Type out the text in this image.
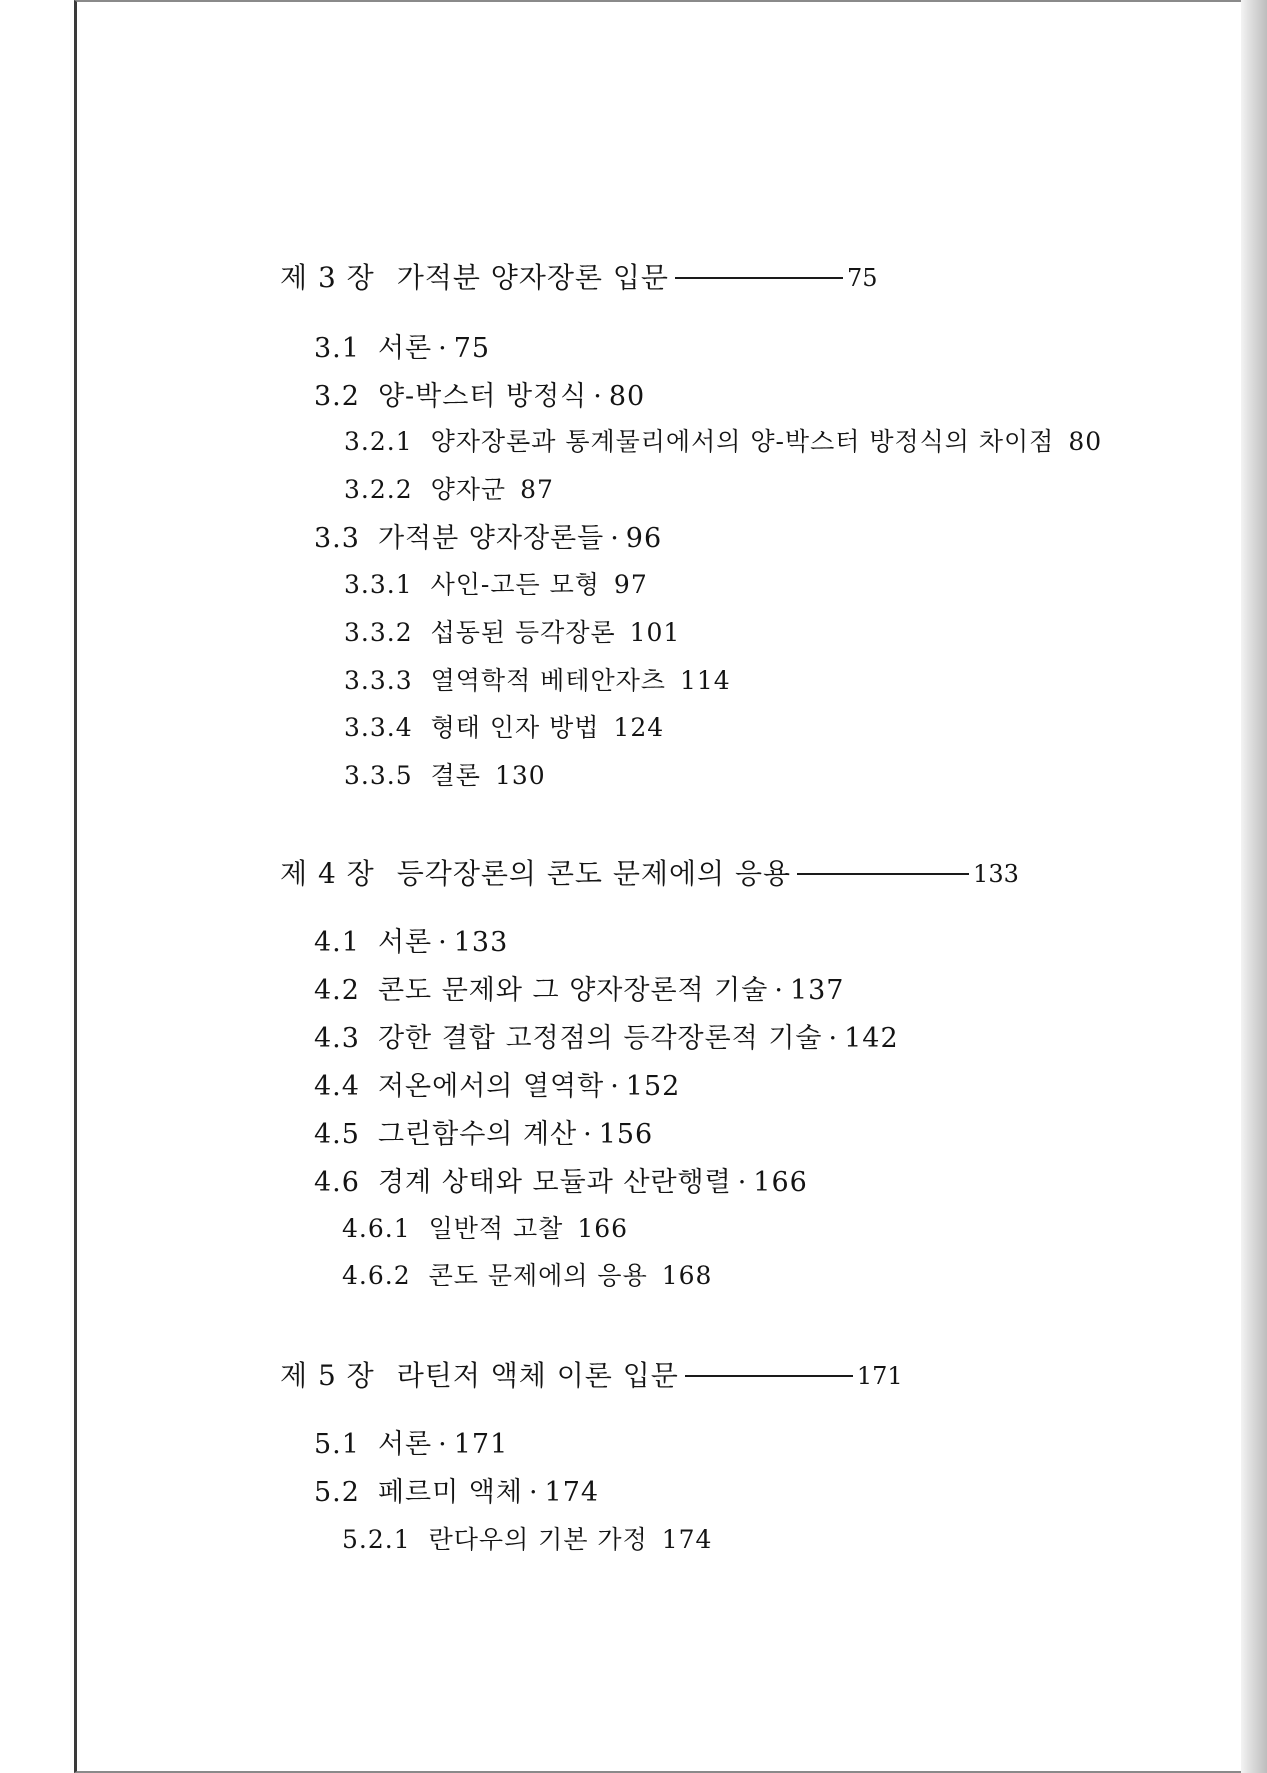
제 3 장 가적분 양자장론 입문	75
3.1 서론 · 75
3.2 양-박스터 방정식 · 80
3.2.1 양자장론과 통계물리에서의 양-박스터 방정식의 차이점 80
3.2.2 양자군 87
3.3 가적분 양자장론들 · 96
3.3.1 사인-고든 모형 97
3.3.2 섭동된 등각장론 101
3.3.3 열역학적 베테안자츠 114
3.3.4 형태 인자 방법 124
3.3.5 결론 130
제 4 장 등각장론의 콘도 문제에의 응용	133
4.1 서론 · 133
4.2 콘도 문제와 그 양자장론적 기술 · 137
4.3 강한 결합 고정점의 등각장론적 기술 · 142
4.4 저온에서의 열역학 · 152
4.5 그린함수의 계산 · 156
4.6 경계 상태와 모듈과 산란행렬 · 166
4.6.1 일반적 고찰 166
4.6.2 콘도 문제에의 응용 168
제 5 장 라틴저 액체 이론 입문	171
5.1 서론 · 171
5.2 페르미 액체 · 174
5.2.1 란다우의 기본 가정 174
